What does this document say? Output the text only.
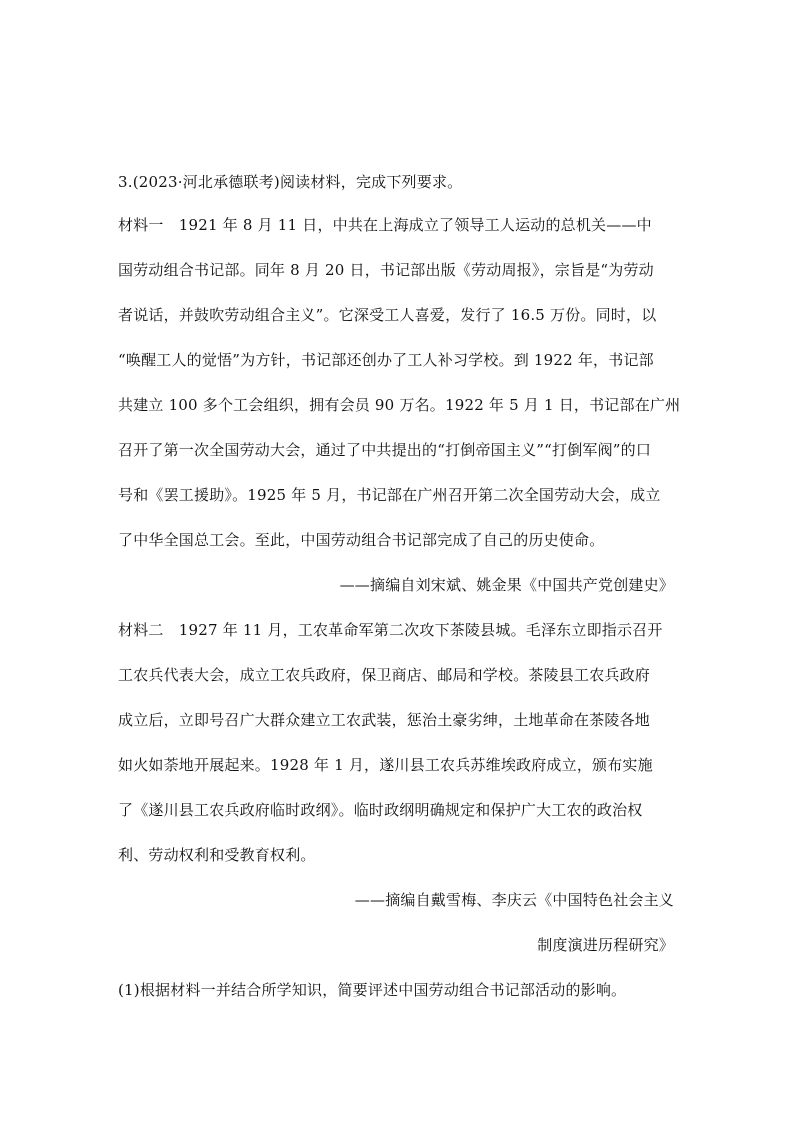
3.(2023·河北承德联考)阅读材料，完成下列要求。
材料一　1921 年 8 月 11 日，中共在上海成立了领导工人运动的总机关——中
国劳动组合书记部。同年 8 月 20 日，书记部出版《劳动周报》，宗旨是“为劳动
者说话，并鼓吹劳动组合主义”。它深受工人喜爱，发行了 16.5 万份。同时，以
“唤醒工人的觉悟”为方针，书记部还创办了工人补习学校。到 1922 年，书记部
共建立 100 多个工会组织，拥有会员 90 万名。1922 年 5 月 1 日，书记部在广州
召开了第一次全国劳动大会，通过了中共提出的“打倒帝国主义”“打倒军阀”的口
号和《罢工援助》。1925 年 5 月，书记部在广州召开第二次全国劳动大会，成立
了中华全国总工会。至此，中国劳动组合书记部完成了自己的历史使命。
——摘编自刘宋斌、姚金果《中国共产党创建史》
材料二　1927 年 11 月，工农革命军第二次攻下茶陵县城。毛泽东立即指示召开
工农兵代表大会，成立工农兵政府，保卫商店、邮局和学校。茶陵县工农兵政府
成立后，立即号召广大群众建立工农武装，惩治土豪劣绅，土地革命在茶陵各地
如火如荼地开展起来。1928 年 1 月，遂川县工农兵苏维埃政府成立，颁布实施
了《遂川县工农兵政府临时政纲》。临时政纲明确规定和保护广大工农的政治权
利、劳动权利和受教育权利。
——摘编自戴雪梅、李庆云《中国特色社会主义
制度演进历程研究》
(1)根据材料一并结合所学知识，简要评述中国劳动组合书记部活动的影响。
